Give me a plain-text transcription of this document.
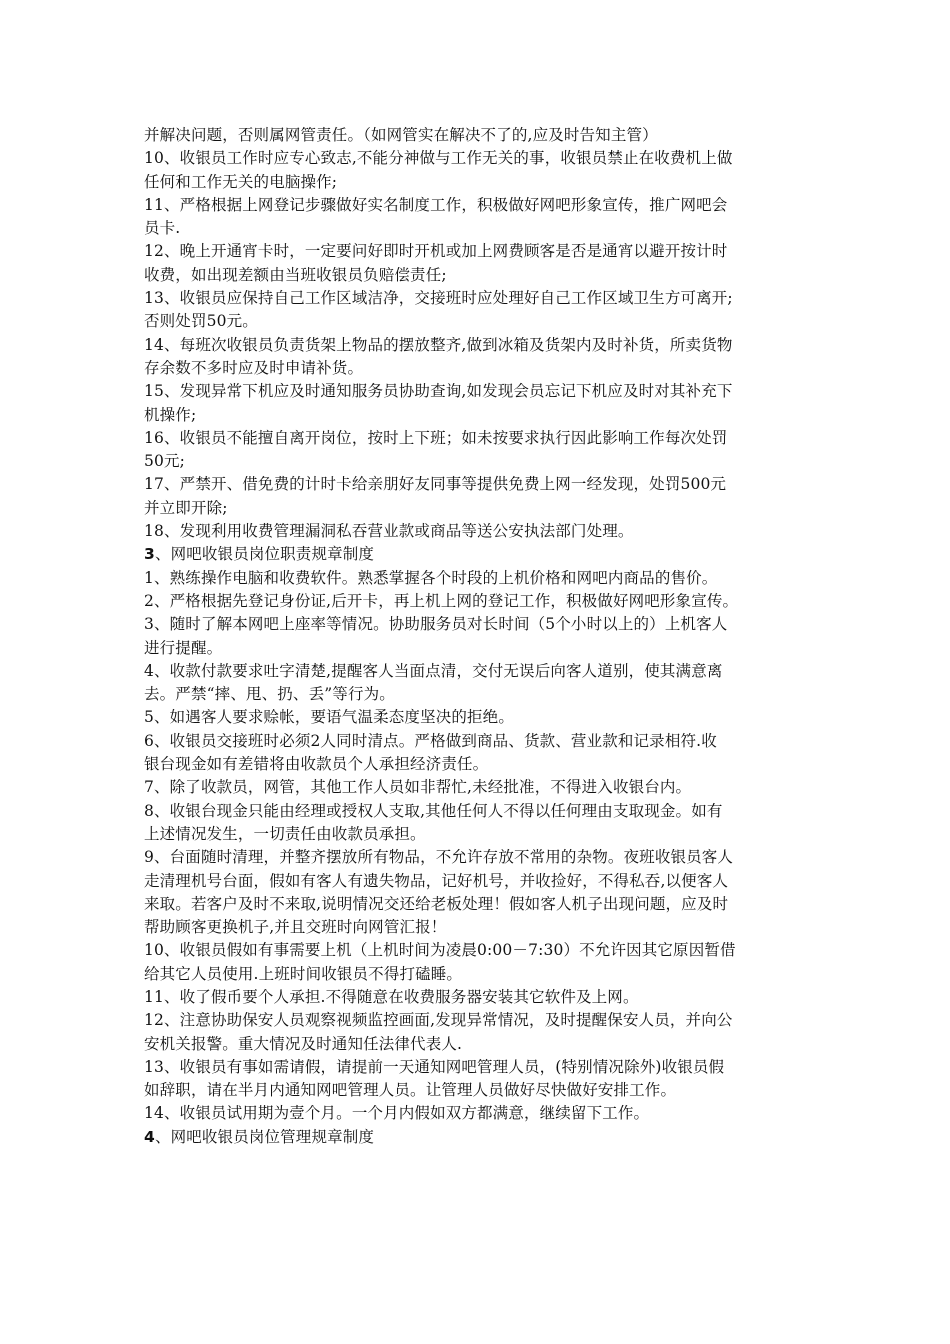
并解决问题，否则属网管责任。（如网管实在解决不了的,应及时告知主管）
10、收银员工作时应专心致志,不能分神做与工作无关的事，收银员禁止在收费机上做
任何和工作无关的电脑操作;
11、严格根据上网登记步骤做好实名制度工作，积极做好网吧形象宣传，推广网吧会
员卡.
12、晚上开通宵卡时，一定要问好即时开机或加上网费顾客是否是通宵以避开按计时
收费，如出现差额由当班收银员负赔偿责任;
13、收银员应保持自己工作区域洁净，交接班时应处理好自己工作区域卫生方可离开;
否则处罚50元。
14、每班次收银员负责货架上物品的摆放整齐,做到冰箱及货架内及时补货，所卖货物
存余数不多时应及时申请补货。
15、发现异常下机应及时通知服务员协助查询,如发现会员忘记下机应及时对其补充下
机操作;
16、收银员不能擅自离开岗位，按时上下班；如未按要求执行因此影响工作每次处罚
50元;
17、严禁开、借免费的计时卡给亲朋好友同事等提供免费上网一经发现，处罚500元
并立即开除;
18、发现利用收费管理漏洞私吞营业款或商品等送公安执法部门处理。
3、网吧收银员岗位职责规章制度
1、熟练操作电脑和收费软件。熟悉掌握各个时段的上机价格和网吧内商品的售价。
2、严格根据先登记身份证,后开卡，再上机上网的登记工作，积极做好网吧形象宣传。
3、随时了解本网吧上座率等情况。协助服务员对长时间（5个小时以上的）上机客人
进行提醒。
4、收款付款要求吐字清楚,提醒客人当面点清，交付无误后向客人道别，使其满意离
去。严禁“摔、甩、扔、丢”等行为。
5、如遇客人要求赊帐，要语气温柔态度坚决的拒绝。
6、收银员交接班时必须2人同时清点。严格做到商品、货款、营业款和记录相符.收
银台现金如有差错将由收款员个人承担经济责任。
7、除了收款员，网管，其他工作人员如非帮忙,未经批准，不得进入收银台内。
8、收银台现金只能由经理或授权人支取,其他任何人不得以任何理由支取现金。如有
上述情况发生，一切责任由收款员承担。
9、台面随时清理，并整齐摆放所有物品，不允许存放不常用的杂物。夜班收银员客人
走清理机号台面，假如有客人有遗失物品，记好机号，并收捡好，不得私吞,以便客人
来取。若客户及时不来取,说明情况交还给老板处理！假如客人机子出现问题，应及时
帮助顾客更换机子,并且交班时向网管汇报！
10、收银员假如有事需要上机（上机时间为凌晨0:00－7:30）不允许因其它原因暂借
给其它人员使用.上班时间收银员不得打磕睡。
11、收了假币要个人承担.不得随意在收费服务器安装其它软件及上网。
12、注意协助保安人员观察视频监控画面,发现异常情况，及时提醒保安人员，并向公
安机关报警。重大情况及时通知任法律代表人.
13、收银员有事如需请假，请提前一天通知网吧管理人员，(特别情况除外)收银员假
如辞职，请在半月内通知网吧管理人员。让管理人员做好尽快做好安排工作。
14、收银员试用期为壹个月。一个月内假如双方都满意，继续留下工作。
4、网吧收银员岗位管理规章制度
